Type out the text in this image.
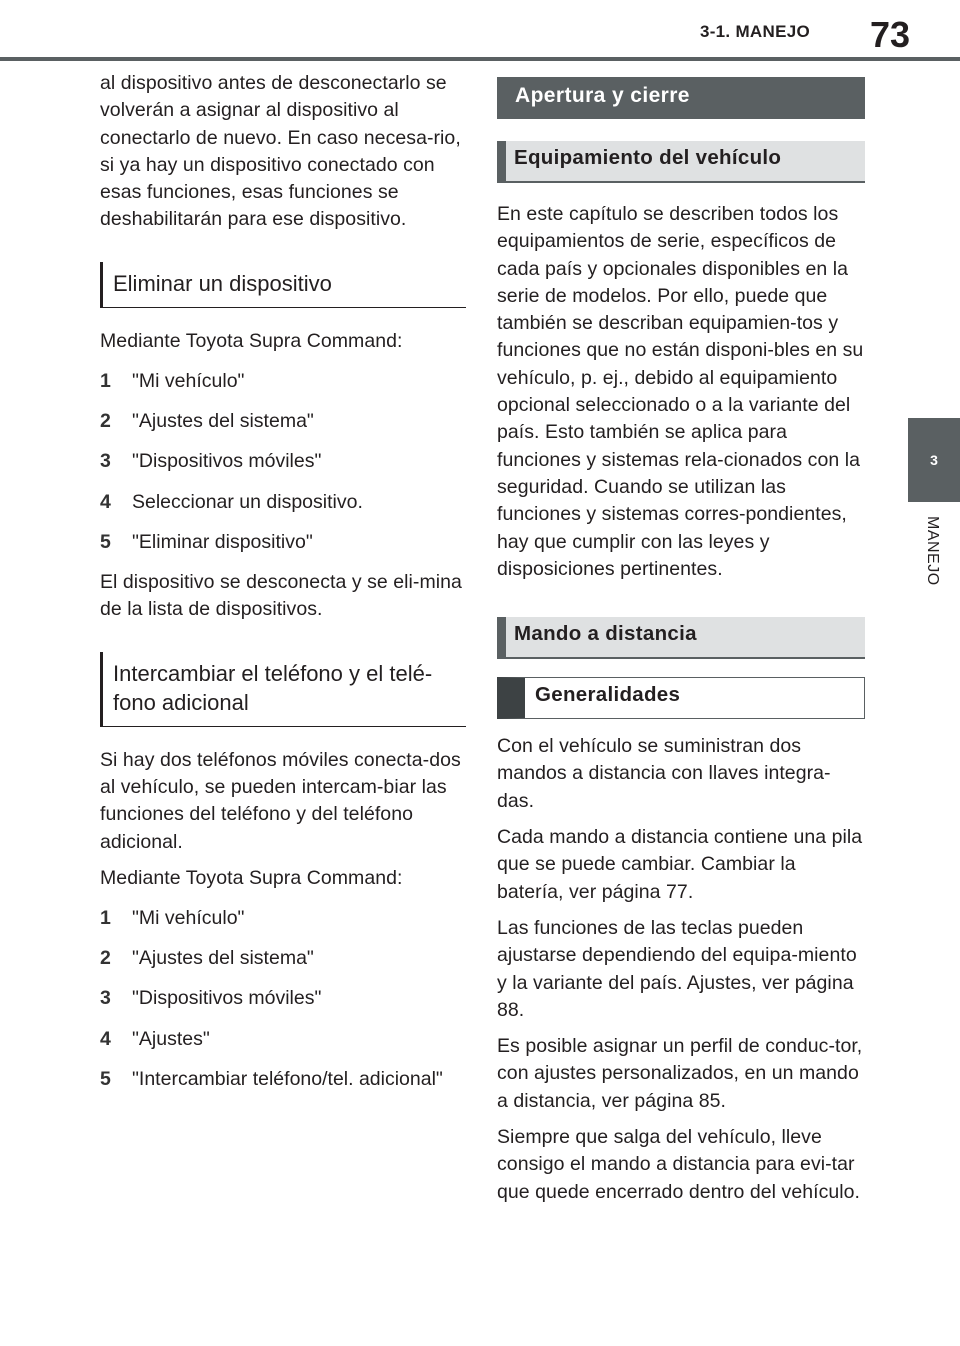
3-1. MANEJO	73
3
MANEJO

al dispositivo antes de desconectarlo se volverán a asignar al dispositivo al conectarlo de nuevo. En caso necesa-rio, si ya hay un dispositivo conectado con esas funciones, esas funciones se deshabilitarán para ese dispositivo.

Eliminar un dispositivo

Mediante Toyota Supra Command:

1	"Mi vehículo"
2	"Ajustes del sistema"
3	"Dispositivos móviles"
4	Seleccionar un dispositivo.
5	"Eliminar dispositivo"

El dispositivo se desconecta y se eli-mina de la lista de dispositivos.

Intercambiar el teléfono y el telé-fono adicional

Si hay dos teléfonos móviles conecta-dos al vehículo, se pueden intercam-biar las funciones del teléfono y del teléfono adicional.

Mediante Toyota Supra Command:

1	"Mi vehículo"
2	"Ajustes del sistema"
3	"Dispositivos móviles"
4	"Ajustes"
5	"Intercambiar teléfono/tel. adicional"
Apertura y cierre
Equipamiento del vehículo

En este capítulo se describen todos los equipamientos de serie, específicos de cada país y opcionales disponibles en la serie de modelos. Por ello, puede que también se describan equipamien-tos y funciones que no están disponi-bles en su vehículo, p. ej., debido al equipamiento opcional seleccionado o a la variante del país. Esto también se aplica para funciones y sistemas rela-cionados con la seguridad. Cuando se utilizan las funciones y sistemas corres-pondientes, hay que cumplir con las leyes y disposiciones pertinentes.

Mando a distancia
Generalidades

Con el vehículo se suministran dos mandos a distancia con llaves integra-das.

Cada mando a distancia contiene una pila que se puede cambiar. Cambiar la batería, ver página 77.

Las funciones de las teclas pueden ajustarse dependiendo del equipa-miento y la variante del país. Ajustes, ver página 88.

Es posible asignar un perfil de conduc-tor, con ajustes personalizados, en un mando a distancia, ver página 85.

Siempre que salga del vehículo, lleve consigo el mando a distancia para evi-tar que quede encerrado dentro del vehículo.
